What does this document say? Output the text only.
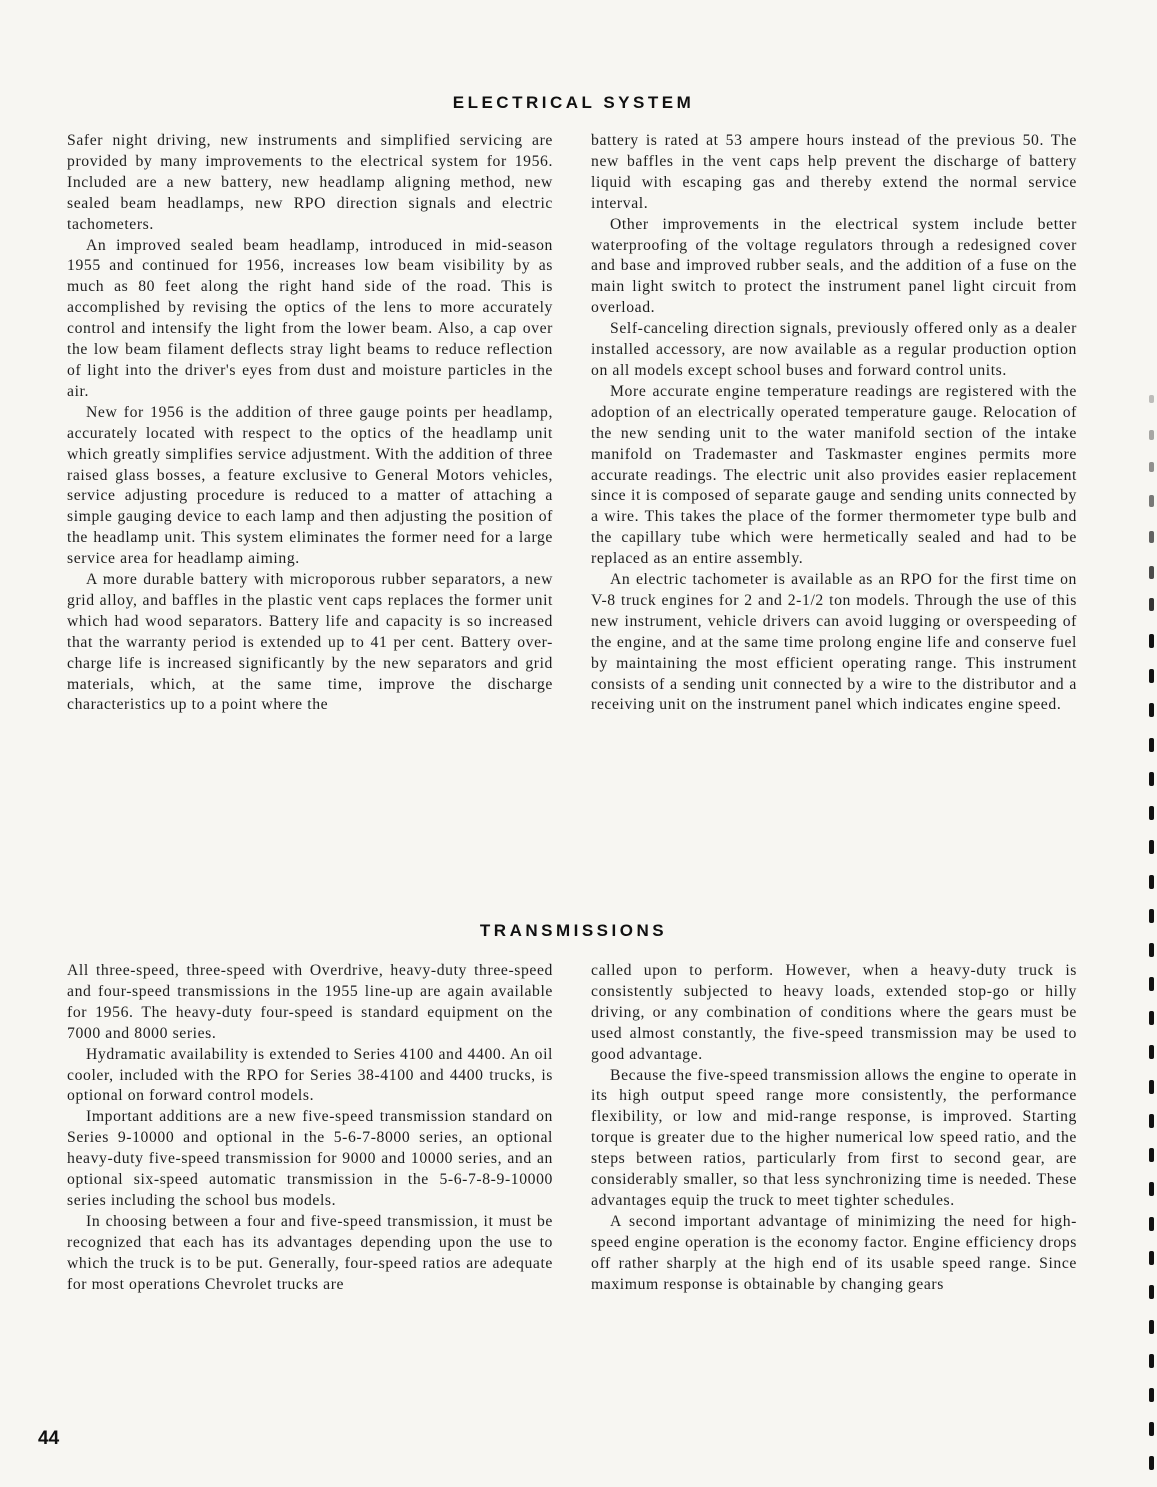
ELECTRICAL SYSTEM

Safer night driving, new instruments and simplified servicing are provided by many improvements to the electrical system for 1956. Included are a new battery, new headlamp aligning method, new sealed beam headlamps, new RPO direction signals and electric tachometers.

An improved sealed beam headlamp, introduced in mid-season 1955 and continued for 1956, increases low beam visibility by as much as 80 feet along the right hand side of the road. This is accomplished by revising the optics of the lens to more accurately control and intensify the light from the lower beam. Also, a cap over the low beam filament deflects stray light beams to reduce reflection of light into the driver's eyes from dust and moisture particles in the air.

New for 1956 is the addition of three gauge points per headlamp, accurately located with respect to the optics of the headlamp unit which greatly simplifies service adjustment. With the addition of three raised glass bosses, a feature exclusive to General Motors vehicles, service adjusting procedure is reduced to a matter of attaching a simple gauging device to each lamp and then adjusting the position of the headlamp unit. This system eliminates the former need for a large service area for headlamp aiming.

A more durable battery with microporous rubber separators, a new grid alloy, and baffles in the plastic vent caps replaces the former unit which had wood separators. Battery life and capacity is so increased that the warranty period is extended up to 41 per cent. Battery over-charge life is increased significantly by the new separators and grid materials, which, at the same time, improve the discharge characteristics up to a point where the

battery is rated at 53 ampere hours instead of the previous 50. The new baffles in the vent caps help prevent the discharge of battery liquid with escaping gas and thereby extend the normal service interval.

Other improvements in the electrical system include better waterproofing of the voltage regulators through a redesigned cover and base and improved rubber seals, and the addition of a fuse on the main light switch to protect the instrument panel light circuit from overload.

Self-canceling direction signals, previously offered only as a dealer installed accessory, are now available as a regular production option on all models except school buses and forward control units.

More accurate engine temperature readings are registered with the adoption of an electrically operated temperature gauge. Relocation of the new sending unit to the water manifold section of the intake manifold on Trademaster and Taskmaster engines permits more accurate readings. The electric unit also provides easier replacement since it is composed of separate gauge and sending units connected by a wire. This takes the place of the former thermometer type bulb and the capillary tube which were hermetically sealed and had to be replaced as an entire assembly.

An electric tachometer is available as an RPO for the first time on V-8 truck engines for 2 and 2-1/2 ton models. Through the use of this new instrument, vehicle drivers can avoid lugging or overspeeding of the engine, and at the same time prolong engine life and conserve fuel by maintaining the most efficient operating range. This instrument consists of a sending unit connected by a wire to the distributor and a receiving unit on the instrument panel which indicates engine speed.

TRANSMISSIONS

All three-speed, three-speed with Overdrive, heavy-duty three-speed and four-speed transmissions in the 1955 line-up are again available for 1956. The heavy-duty four-speed is standard equipment on the 7000 and 8000 series.

Hydramatic availability is extended to Series 4100 and 4400. An oil cooler, included with the RPO for Series 38-4100 and 4400 trucks, is optional on forward control models.

Important additions are a new five-speed transmission standard on Series 9-10000 and optional in the 5-6-7-8000 series, an optional heavy-duty five-speed transmission for 9000 and 10000 series, and an optional six-speed automatic transmission in the 5-6-7-8-9-10000 series including the school bus models.

In choosing between a four and five-speed transmission, it must be recognized that each has its advantages depending upon the use to which the truck is to be put. Generally, four-speed ratios are adequate for most operations Chevrolet trucks are

called upon to perform. However, when a heavy-duty truck is consistently subjected to heavy loads, extended stop-go or hilly driving, or any combination of conditions where the gears must be used almost constantly, the five-speed transmission may be used to good advantage.

Because the five-speed transmission allows the engine to operate in its high output speed range more consistently, the performance flexibility, or low and mid-range response, is improved. Starting torque is greater due to the higher numerical low speed ratio, and the steps between ratios, particularly from first to second gear, are considerably smaller, so that less synchronizing time is needed. These advantages equip the truck to meet tighter schedules.

A second important advantage of minimizing the need for high-speed engine operation is the economy factor. Engine efficiency drops off rather sharply at the high end of its usable speed range. Since maximum response is obtainable by changing gears

44
